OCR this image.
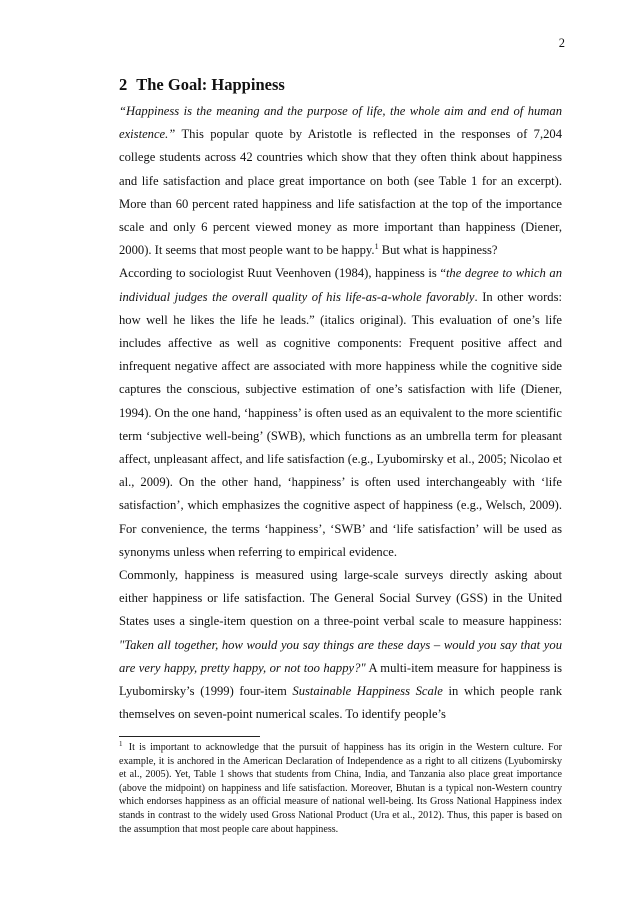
2
2 The Goal: Happiness

“Happiness is the meaning and the purpose of life, the whole aim and end of human existence.” This popular quote by Aristotle is reflected in the responses of 7,204 college students across 42 countries which show that they often think about happiness and life satisfaction and place great importance on both (see Table 1 for an excerpt). More than 60 percent rated happiness and life satisfaction at the top of the importance scale and only 6 percent viewed money as more important than happiness (Diener, 2000). It seems that most people want to be happy.$^1$ But what is happiness?

According to sociologist Ruut Veenhoven (1984), happiness is “the degree to which an individual judges the overall quality of his life-as-a-whole favorably. In other words: how well he likes the life he leads.” (italics original). This evaluation of one’s life includes affective as well as cognitive components: Frequent positive affect and infrequent negative affect are associated with more happiness while the cognitive side captures the conscious, subjective estimation of one’s satisfaction with life (Diener, 1994). On the one hand, ‘happiness’ is often used as an equivalent to the more scientific term ‘subjective well-being’ (SWB), which functions as an umbrella term for pleasant affect, unpleasant affect, and life satisfaction (e.g., Lyubomirsky et al., 2005; Nicolao et al., 2009). On the other hand, ‘happiness’ is often used interchangeably with ‘life satisfaction’, which emphasizes the cognitive aspect of happiness (e.g., Welsch, 2009). For convenience, the terms ‘happiness’, ‘SWB’ and ‘life satisfaction’ will be used as synonyms unless when referring to empirical evidence.

Commonly, happiness is measured using large-scale surveys directly asking about either happiness or life satisfaction. The General Social Survey (GSS) in the United States uses a single-item question on a three-point verbal scale to measure happiness: "Taken all together, how would you say things are these days – would you say that you are very happy, pretty happy, or not too happy?" A multi-item measure for happiness is Lyubomirsky’s (1999) four-item Sustainable Happiness Scale in which people rank themselves on seven-point numerical scales. To identify people’s

$^1$ It is important to acknowledge that the pursuit of happiness has its origin in the Western culture. For example, it is anchored in the American Declaration of Independence as a right to all citizens (Lyubomirsky et al., 2005). Yet, Table 1 shows that students from China, India, and Tanzania also place great importance (above the midpoint) on happiness and life satisfaction. Moreover, Bhutan is a typical non-Western country which endorses happiness as an official measure of national well-being. Its Gross National Happiness index stands in contrast to the widely used Gross National Product (Ura et al., 2012). Thus, this paper is based on the assumption that most people care about happiness.
